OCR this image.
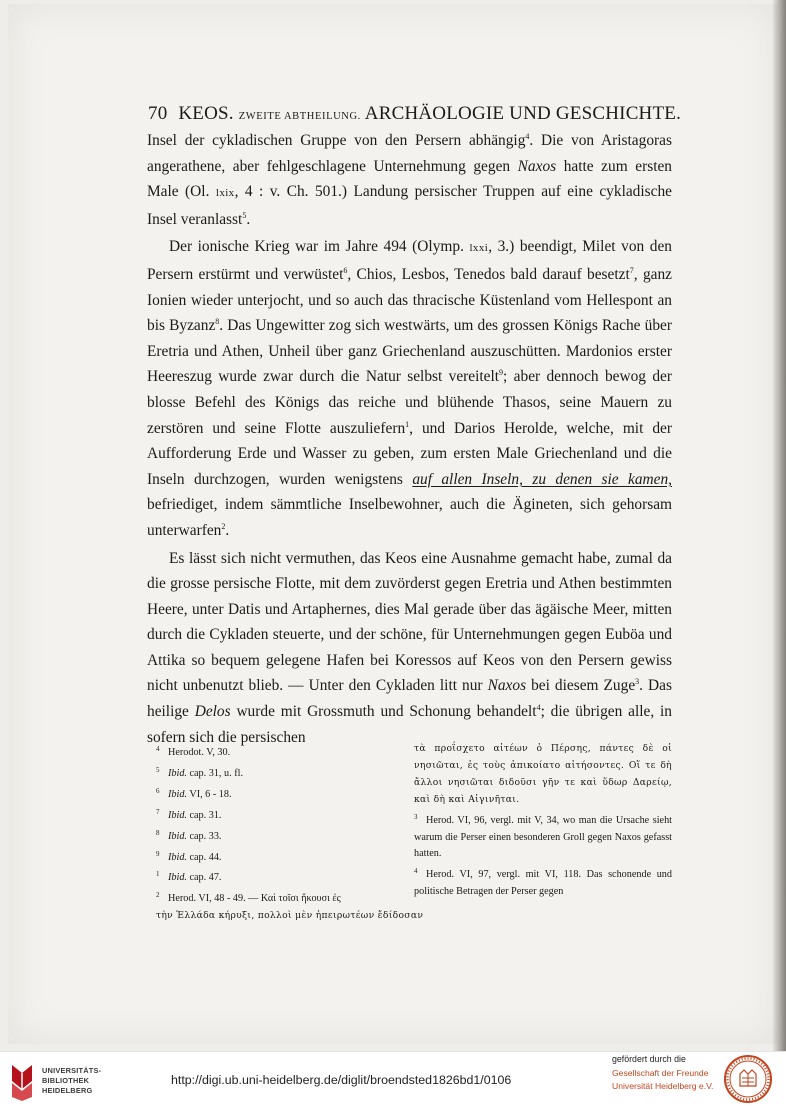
70 KEOS. ZWEITE ABTHEILUNG. ARCHÄOLOGIE UND GESCHICHTE.

Insel der cykladischen Gruppe von den Persern abhängig$^4$. Die von Aristagoras angerathene, aber fehlgeschlagene Unternehmung gegen Naxos hatte zum ersten Male (Ol. lxix, 4 : v. Ch. 501.) Landung persischer Truppen auf eine cykladische Insel veranlasst$^5$.

Der ionische Krieg war im Jahre 494 (Olymp. lxxi, 3.) beendigt, Milet von den Persern erstürmt und verwüstet$^6$, Chios, Lesbos, Tenedos bald darauf besetzt$^7$, ganz Ionien wieder unterjocht, und so auch das thracische Küstenland vom Hellespont an bis Byzanz$^8$. Das Ungewitter zog sich westwärts, um des grossen Königs Rache über Eretria und Athen, Unheil über ganz Griechenland auszuschütten. Mardonios erster Heereszug wurde zwar durch die Natur selbst vereitelt$^9$; aber dennoch bewog der blosse Befehl des Königs das reiche und blühende Thasos, seine Mauern zu zerstören und seine Flotte auszuliefern$^1$, und Darios Herolde, welche, mit der Aufforderung Erde und Wasser zu geben, zum ersten Male Griechenland und die Inseln durchzogen, wurden wenigstens auf allen Inseln, zu denen sie kamen, befriediget, indem sämmtliche Inselbewohner, auch die Ägineten, sich gehorsam unterwarfen$^2$.

Es lässt sich nicht vermuthen, das Keos eine Ausnahme gemacht habe, zumal da die grosse persische Flotte, mit dem zuvörderst gegen Eretria und Athen bestimmten Heere, unter Datis und Artaphernes, dies Mal gerade über das ägäische Meer, mitten durch die Cykladen steuerte, und der schöne, für Unternehmungen gegen Euböa und Attika so bequem gelegene Hafen bei Koressos auf Keos von den Persern gewiss nicht unbenutzt blieb. — Unter den Cykladen litt nur Naxos bei diesem Zuge$^3$. Das heilige Delos wurde mit Grossmuth und Schonung behandelt$^4$; die übrigen alle, in sofern sich die persischen

4 Herodot. V, 30.
5 Ibid. cap. 31, u. fl.
6 Ibid. VI, 6 - 18.
7 Ibid. cap. 31.
8 Ibid. cap. 33.
9 Ibid. cap. 44.
1 Ibid. cap. 47.
2 Herod. VI, 48 - 49. — Καὶ τοῖσι ἥκουσι ἐς
τὴν Ἑλλάδα κήρυξι, πολλοὶ μὲν ἠπειρωτέων ἔδίδοσαν
τὰ προΐσχετο αἰτέων ὁ Πέρσης, πάντες δὲ οἱ νησιῶται, ἐς τοὺς ἀπικοίατο αἰτήσοντες. Οἵ τε δὴ ἄλλοι νησιῶται διδοῦσι γῆν τε καὶ ὕδωρ Δαρείῳ, καὶ δὴ καὶ Αἰγινῆται.
3 Herod. VI, 96, vergl. mit V, 34, wo man die Ursache sieht warum die Perser einen besonderen Groll gegen Naxos gefasst hatten.
4 Herod. VI, 97, vergl. mit VI, 118. Das schonende und politische Betragen der Perser gegen
UNIVERSITÄTS-
BIBLIOTHEK
HEIDELBERG
http://digi.ub.uni-heidelberg.de/diglit/broendsted1826bd1/0106
gefördert durch die
Gesellschaft der Freunde
Universität Heidelberg e.V.
